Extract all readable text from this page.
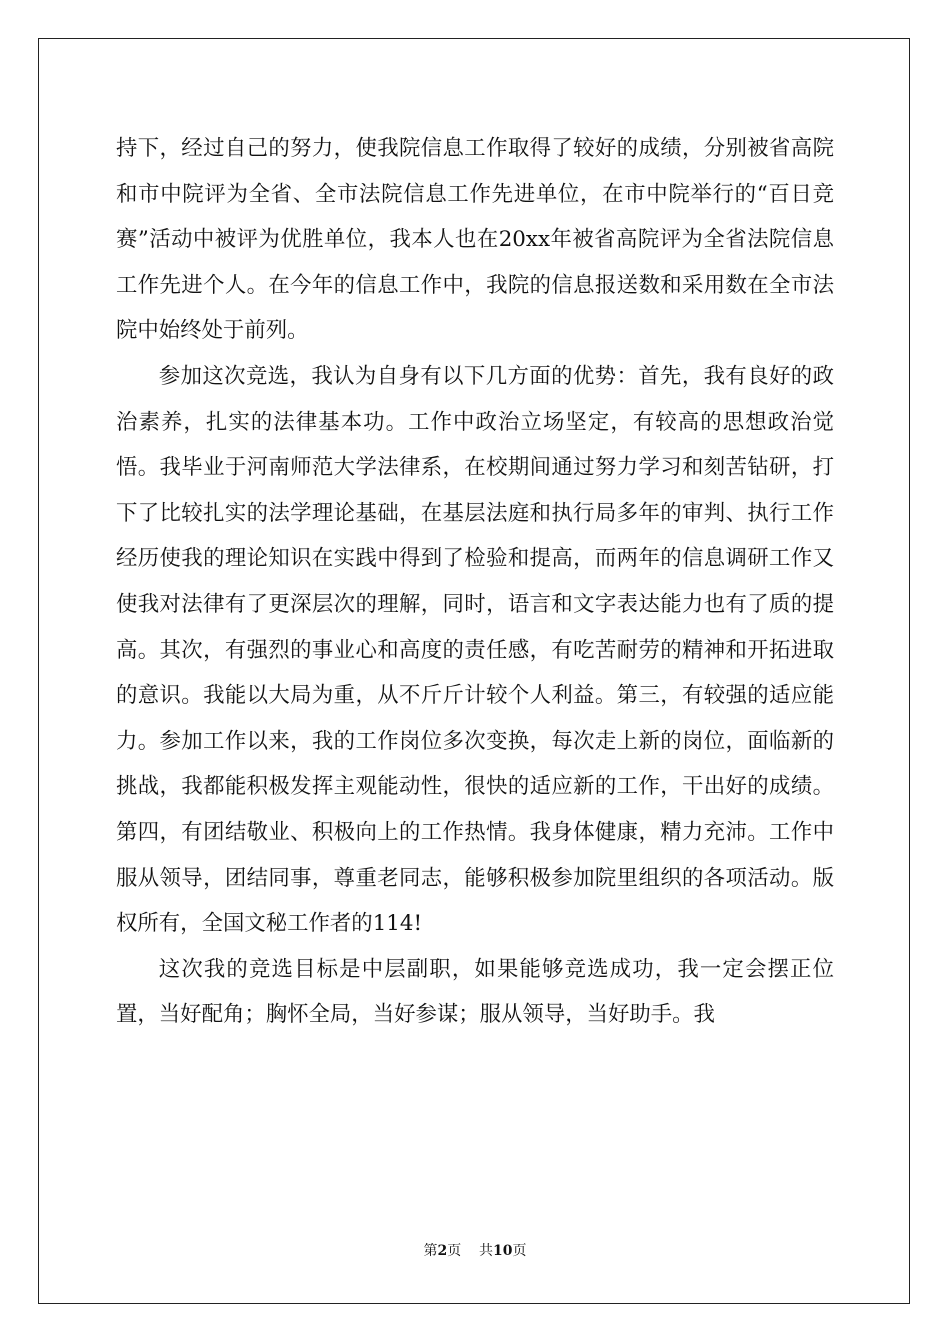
持下，经过自己的努力，使我院信息工作取得了较好的成绩，分别被省高院和市中院评为全省、全市法院信息工作先进单位，在市中院举行的“百日竞赛”活动中被评为优胜单位，我本人也在20xx年被省高院评为全省法院信息工作先进个人。在今年的信息工作中，我院的信息报送数和采用数在全市法院中始终处于前列。

参加这次竞选，我认为自身有以下几方面的优势：首先，我有良好的政治素养，扎实的法律基本功。工作中政治立场坚定，有较高的思想政治觉悟。我毕业于河南师范大学法律系，在校期间通过努力学习和刻苦钻研，打下了比较扎实的法学理论基础，在基层法庭和执行局多年的审判、执行工作经历使我的理论知识在实践中得到了检验和提高，而两年的信息调研工作又使我对法律有了更深层次的理解，同时，语言和文字表达能力也有了质的提高。其次，有强烈的事业心和高度的责任感，有吃苦耐劳的精神和开拓进取的意识。我能以大局为重，从不斤斤计较个人利益。第三，有较强的适应能力。参加工作以来，我的工作岗位多次变换，每次走上新的岗位，面临新的挑战，我都能积极发挥主观能动性，很快的适应新的工作，干出好的成绩。第四，有团结敬业、积极向上的工作热情。我身体健康，精力充沛。工作中服从领导，团结同事，尊重老同志，能够积极参加院里组织的各项活动。版权所有，全国文秘工作者的114!

这次我的竞选目标是中层副职，如果能够竞选成功，我一定会摆正位置，当好配角；胸怀全局，当好参谋；服从领导，当好助手。我

第2页 共10页
